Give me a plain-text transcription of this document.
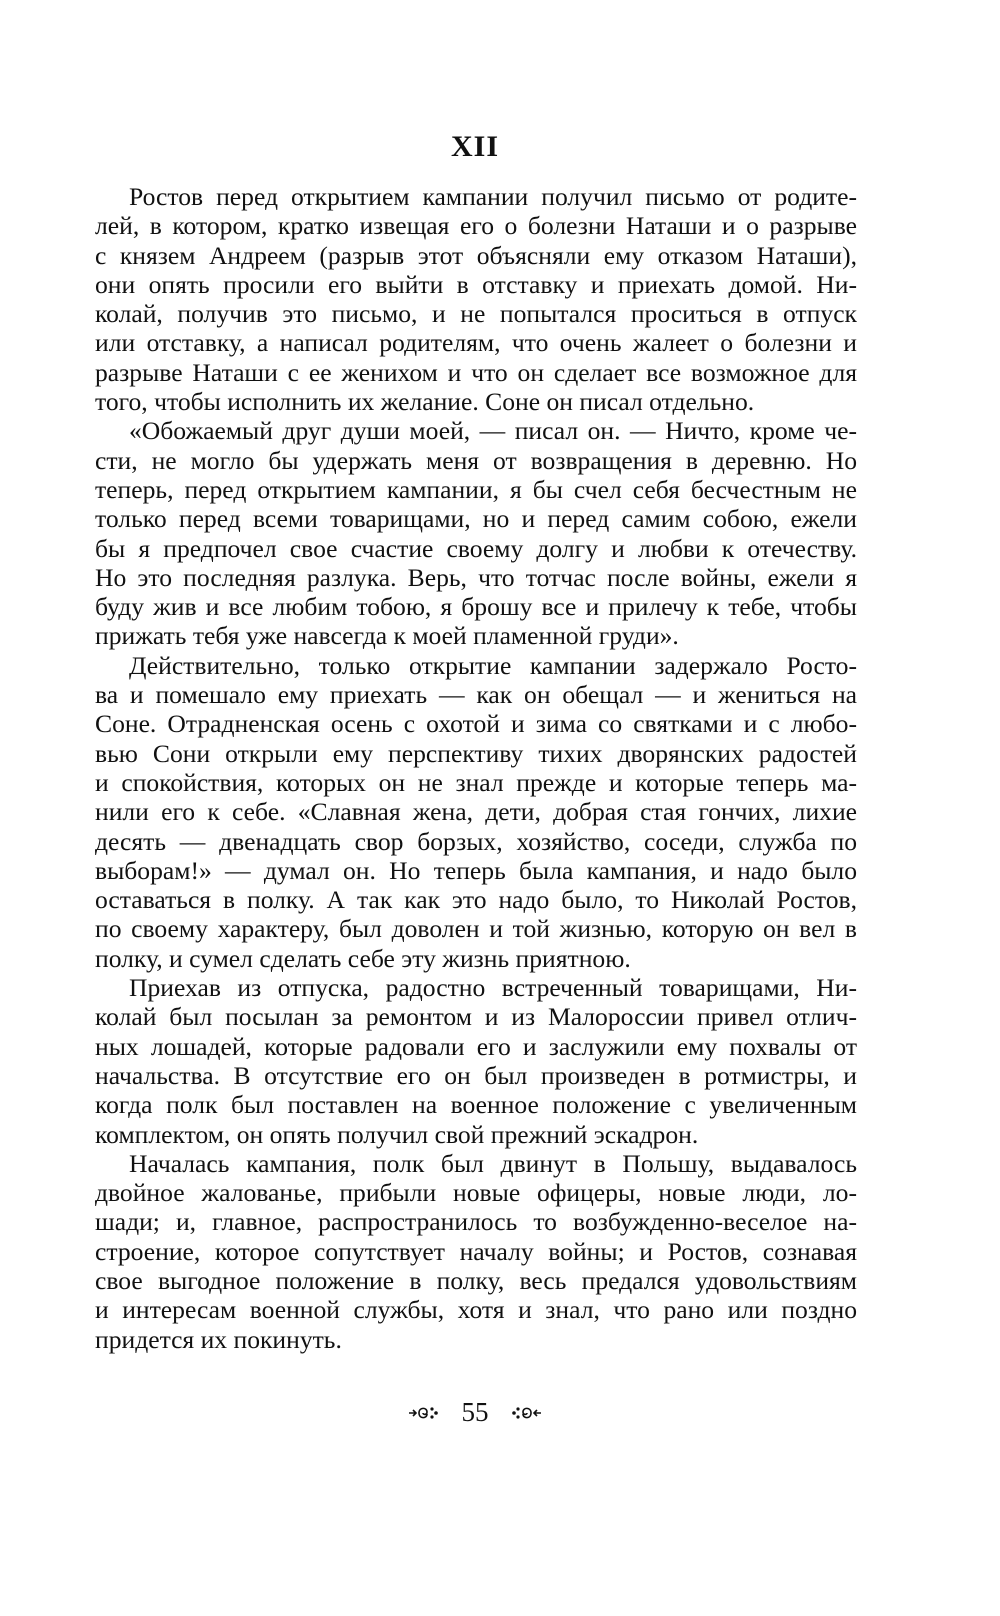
XII

Ростов перед открытием кампании получил письмо от родите-
лей, в котором, кратко извещая его о болезни Наташи и о разрыве
с князем Андреем (разрыв этот объясняли ему отказом Наташи),
они опять просили его выйти в отставку и приехать домой. Ни-
колай, получив это письмо, и не попытался проситься в отпуск
или отставку, а написал родителям, что очень жалеет о болезни и
разрыве Наташи с ее женихом и что он сделает все возможное для
того, чтобы исполнить их желание. Соне он писал отдельно.

«Обожаемый друг души моей, — писал он. — Ничто, кроме че-
сти, не могло бы удержать меня от возвращения в деревню. Но
теперь, перед открытием кампании, я бы счел себя бесчестным не
только перед всеми товарищами, но и перед самим собою, ежели
бы я предпочел свое счастие своему долгу и любви к отечеству.
Но это последняя разлука. Верь, что тотчас после войны, ежели я
буду жив и все любим тобою, я брошу все и прилечу к тебе, чтобы
прижать тебя уже навсегда к моей пламенной груди».

Действительно, только открытие кампании задержало Росто-
ва и помешало ему приехать — как он обещал — и жениться на
Соне. Отрадненская осень с охотой и зима со святками и с любо-
вью Сони открыли ему перспективу тихих дворянских радостей
и спокойствия, которых он не знал прежде и которые теперь ма-
нили его к себе. «Славная жена, дети, добрая стая гончих, лихие
десять — двенадцать свор борзых, хозяйство, соседи, служба по
выборам!» — думал он. Но теперь была кампания, и надо было
оставаться в полку. А так как это надо было, то Николай Ростов,
по своему характеру, был доволен и той жизнью, которую он вел в
полку, и сумел сделать себе эту жизнь приятною.

Приехав из отпуска, радостно встреченный товарищами, Ни-
колай был посылан за ремонтом и из Малороссии привел отлич-
ных лошадей, которые радовали его и заслужили ему похвалы от
начальства. В отсутствие его он был произведен в ротмистры, и
когда полк был поставлен на военное положение с увеличенным
комплектом, он опять получил свой прежний эскадрон.

Началась кампания, полк был двинут в Польшу, выдавалось
двойное жалованье, прибыли новые офицеры, новые люди, ло-
шади; и, главное, распространилось то возбужденно-веселое на-
строение, которое сопутствует началу войны; и Ростов, сознавая
свое выгодное положение в полку, весь предался удовольствиям
и интересам военной службы, хотя и знал, что рано или поздно
придется их покинуть.

55
